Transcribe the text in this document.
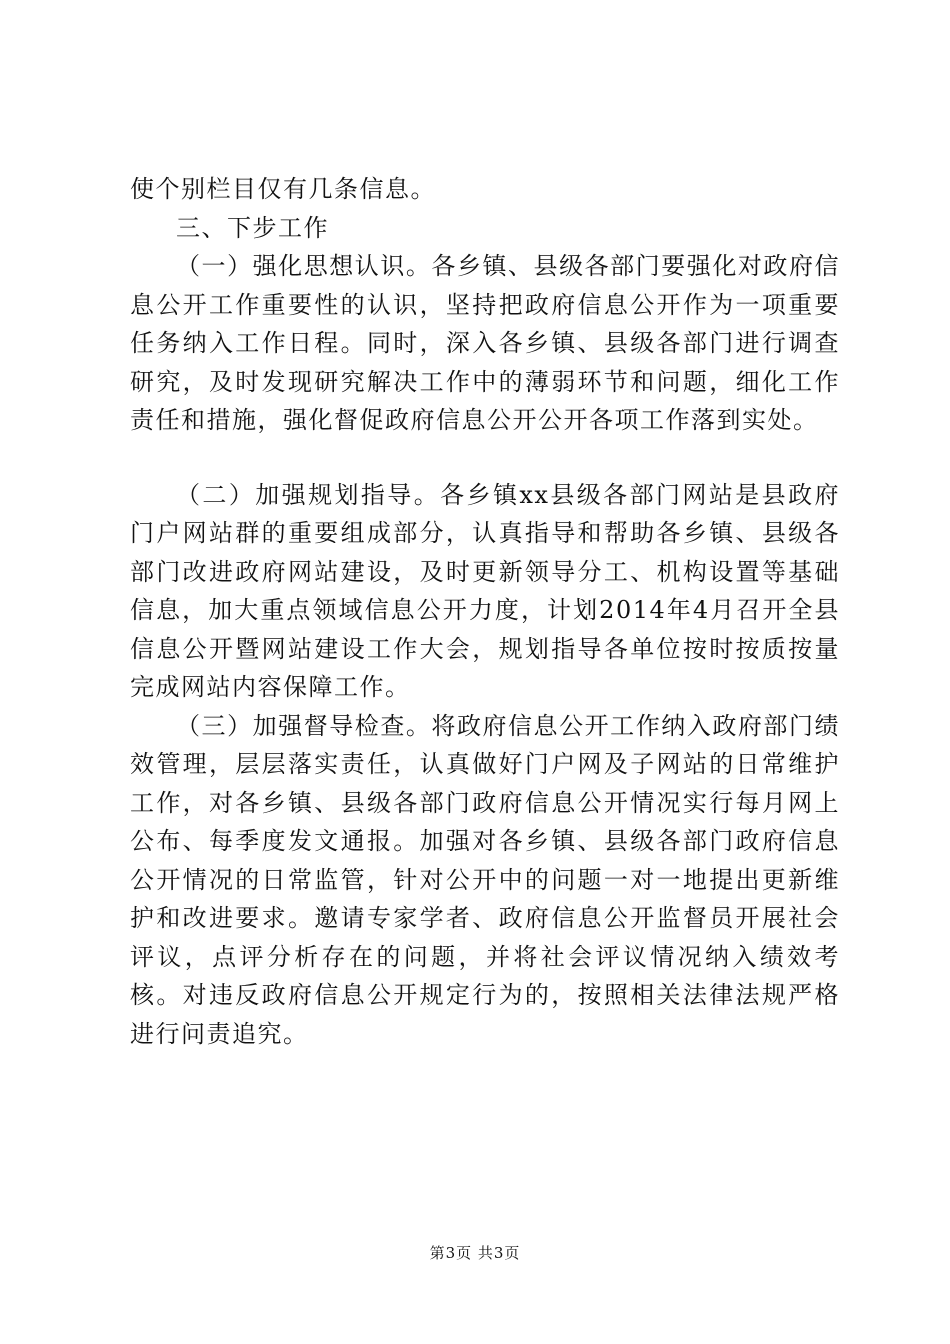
使个别栏目仅有几条信息。

三、下步工作

（一）强化思想认识。各乡镇、县级各部门要强化对政府信息公开工作重要性的认识，坚持把政府信息公开作为一项重要任务纳入工作日程。同时，深入各乡镇、县级各部门进行调查研究，及时发现研究解决工作中的薄弱环节和问题，细化工作责任和措施，强化督促政府信息公开公开各项工作落到实处。

（二）加强规划指导。各乡镇xx县级各部门网站是县政府门户网站群的重要组成部分，认真指导和帮助各乡镇、县级各部门改进政府网站建设，及时更新领导分工、机构设置等基础信息，加大重点领域信息公开力度，计划2014年4月召开全县信息公开暨网站建设工作大会，规划指导各单位按时按质按量完成网站内容保障工作。

（三）加强督导检查。将政府信息公开工作纳入政府部门绩效管理，层层落实责任，认真做好门户网及子网站的日常维护工作，对各乡镇、县级各部门政府信息公开情况实行每月网上公布、每季度发文通报。加强对各乡镇、县级各部门政府信息公开情况的日常监管，针对公开中的问题一对一地提出更新维护和改进要求。邀请专家学者、政府信息公开监督员开展社会评议，点评分析存在的问题，并将社会评议情况纳入绩效考核。对违反政府信息公开规定行为的，按照相关法律法规严格进行问责追究。

第3页 共3页
